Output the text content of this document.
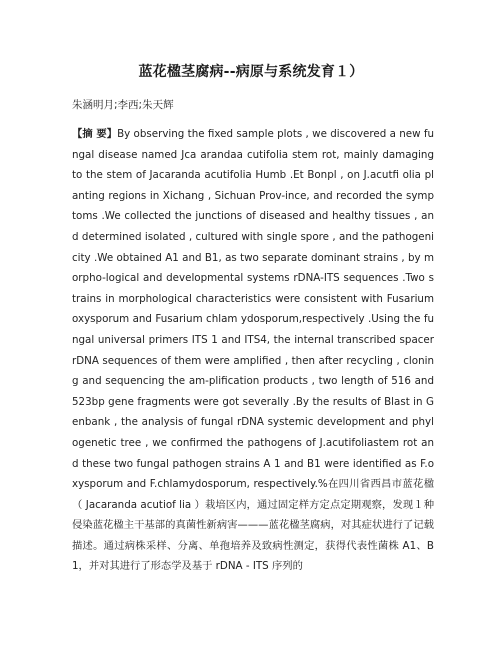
蓝花楹茎腐病--病原与系统发育１）
朱涵明月;李西;朱天辉

【摘 要】By observing the fixed sample plots , we discovered a new fungal disease named Jca arandaa cutifolia stem rot, mainly damaging to the stem of Jacaranda acutifolia Humb .Et Bonpl , on J.acutfi olia planting regions in Xichang , Sichuan Prov-ince, and recorded the symptoms .We collected the junctions of diseased and healthy tissues , and determined isolated , cultured with single spore , and the pathogenicity .We obtained A1 and B1, as two separate dominant strains , by morpho-logical and developmental systems rDNA-ITS sequences .Two strains in morphological characteristics were consistent with Fusarium oxysporum and Fusarium chlam ydosporum,respectively .Using the fungal universal primers ITS 1 and ITS4, the internal transcribed spacer rDNA sequences of them were amplified , then after recycling , cloning and sequencing the am-plification products , two length of 516 and 523bp gene fragments were got severally .By the results of Blast in Genbank , the analysis of fungal rDNA systemic development and phylogenetic tree , we confirmed the pathogens of J.acutifoliastem rot and these two fungal pathogen strains A 1 and B1 were identified as F.oxysporum and F.chlamydosporum, respectively.%在四川省西昌市蓝花楹（ Jacaranda acutiof lia ）栽培区内，通过固定样方定点定期观察，发现１种侵染蓝花楹主干基部的真菌性新病害———蓝花楹茎腐病，对其症状进行了记载描述。通过病株采样、分离、单孢培养及致病性测定，获得代表性菌株 A1、B1，并对其进行了形态学及基于 rDNA - ITS 序列的
